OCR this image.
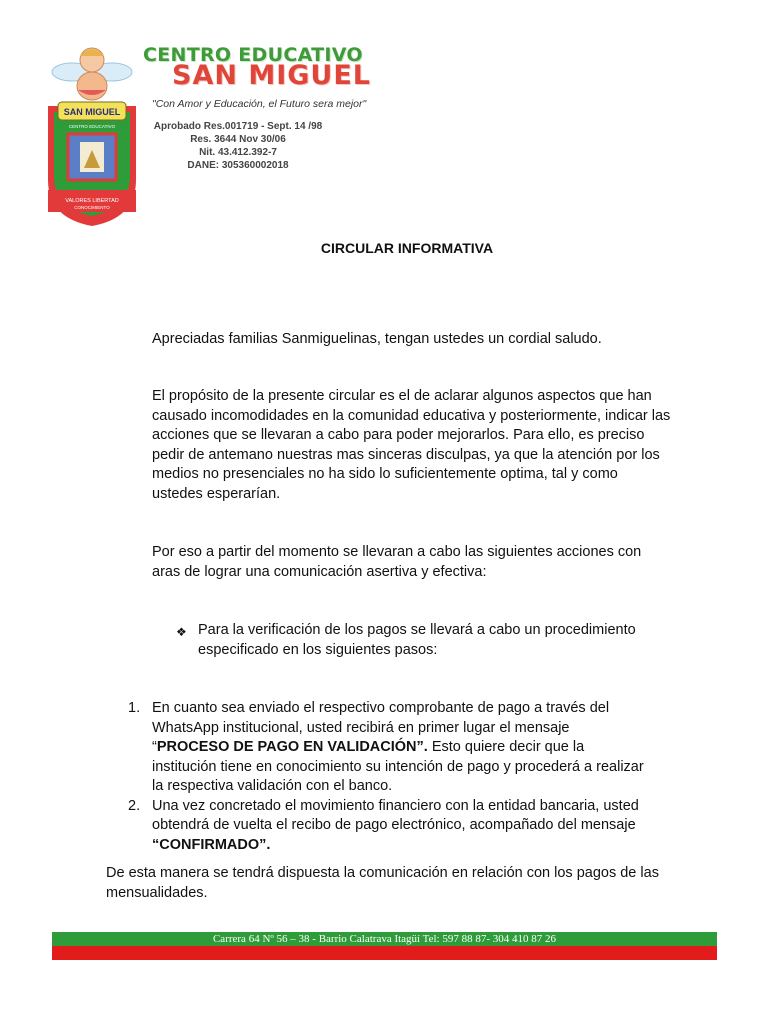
SAN MIGUEL
CENTRO EDUCATIVO
VALORES LIBERTAD
CONOCIMIENTO
CENTRO EDUCATIVO
SAN MIGUEL
"Con Amor y Educación, el Futuro sera mejor"
Aprobado Res.001719 - Sept. 14 /98
Res. 3644 Nov 30/06
Nit. 43.412.392-7
DANE: 305360002018
CIRCULAR INFORMATIVA
Apreciadas familias Sanmiguelinas, tengan ustedes un cordial saludo.
El propósito de la presente circular es el de aclarar algunos aspectos que han causado incomodidades en la comunidad educativa y posteriormente, indicar las acciones que se llevaran a cabo para poder mejorarlos. Para ello, es preciso pedir de antemano nuestras mas sinceras disculpas, ya que la atención por los medios no presenciales no ha sido lo suficientemente optima, tal y como ustedes esperarían.
Por eso a partir del momento se llevaran a cabo las siguientes acciones con aras de lograr una comunicación asertiva y efectiva:
❖ Para la verificación de los pagos se llevará a cabo un procedimiento especificado en los siguientes pasos:
1. En cuanto sea enviado el respectivo comprobante de pago a través del WhatsApp institucional, usted recibirá en primer lugar el mensaje “PROCESO DE PAGO EN VALIDACIÓN”. Esto quiere decir que la institución tiene en conocimiento su intención de pago y procederá a realizar la respectiva validación con el banco.
2. Una vez concretado el movimiento financiero con la entidad bancaria, usted obtendrá de vuelta el recibo de pago electrónico, acompañado del mensaje “CONFIRMADO”.
De esta manera se tendrá dispuesta la comunicación en relación con los pagos de las mensualidades.
Carrera 64 Nº 56 – 38 - Barrio Calatrava Itagüí Tel: 597 88 87- 304 410 87 26
